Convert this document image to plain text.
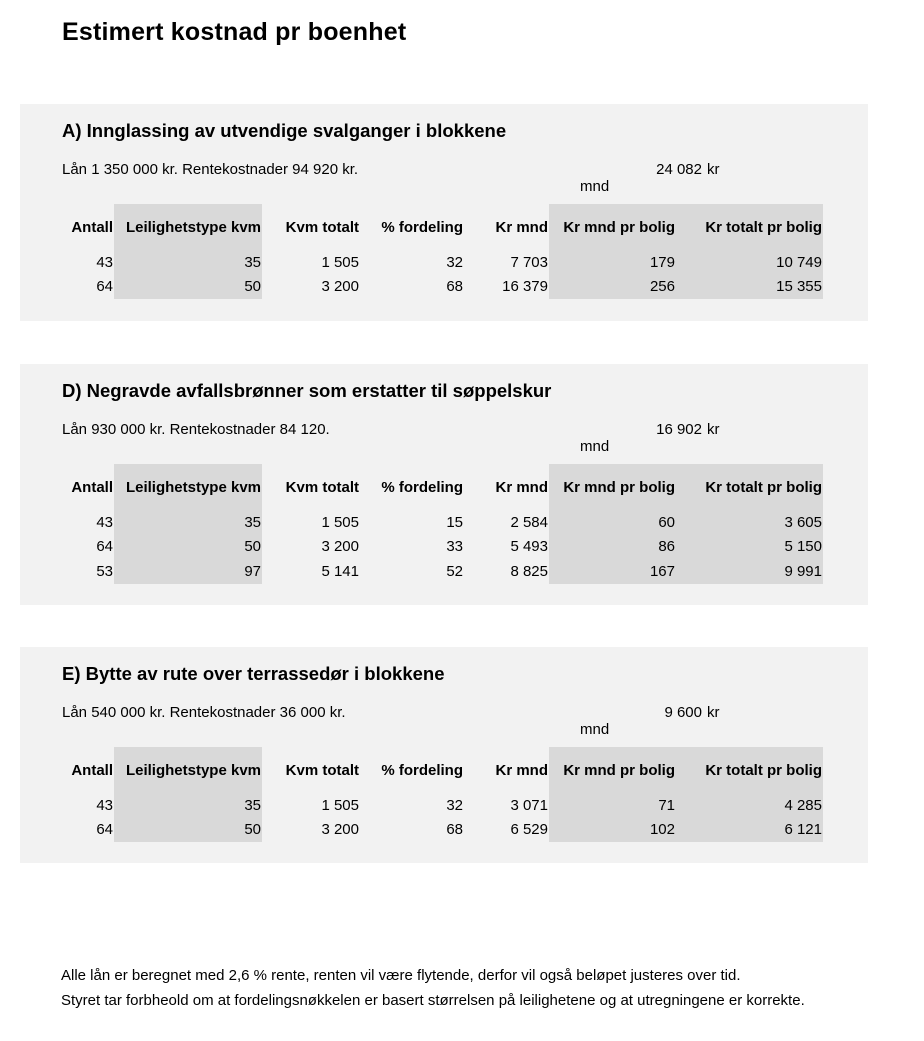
Estimert kostnad pr boenhet
A) Innglassing av utvendige svalganger i blokkene
Lån 1 350 000 kr. Rentekostnader 94 920 kr.	24 082 kr mnd
Antall	Leilighetstype kvm	Kvm totalt	% fordeling	Kr mnd	Kr mnd pr bolig	Kr totalt pr bolig
43	35	1 505	32	7 703	179	10 749
64	50	3 200	68	16 379	256	15 355
D) Negravde avfallsbrønner som erstatter til søppelskur
Lån 930 000 kr. Rentekostnader 84 120.	16 902 kr mnd
Antall	Leilighetstype kvm	Kvm totalt	% fordeling	Kr mnd	Kr mnd pr bolig	Kr totalt pr bolig
43	35	1 505	15	2 584	60	3 605
64	50	3 200	33	5 493	86	5 150
53	97	5 141	52	8 825	167	9 991
E) Bytte av rute over terrassedør i blokkene
Lån 540 000 kr. Rentekostnader 36 000 kr.	9 600 kr mnd
Antall	Leilighetstype kvm	Kvm totalt	% fordeling	Kr mnd	Kr mnd pr bolig	Kr totalt pr bolig
43	35	1 505	32	3 071	71	4 285
64	50	3 200	68	6 529	102	6 121
Alle lån er beregnet med 2,6 % rente, renten vil være flytende, derfor vil også beløpet justeres over tid.
Styret tar forbheold om at fordelingsnøkkelen er basert størrelsen på leilighetene og at utregningene er korrekte.
